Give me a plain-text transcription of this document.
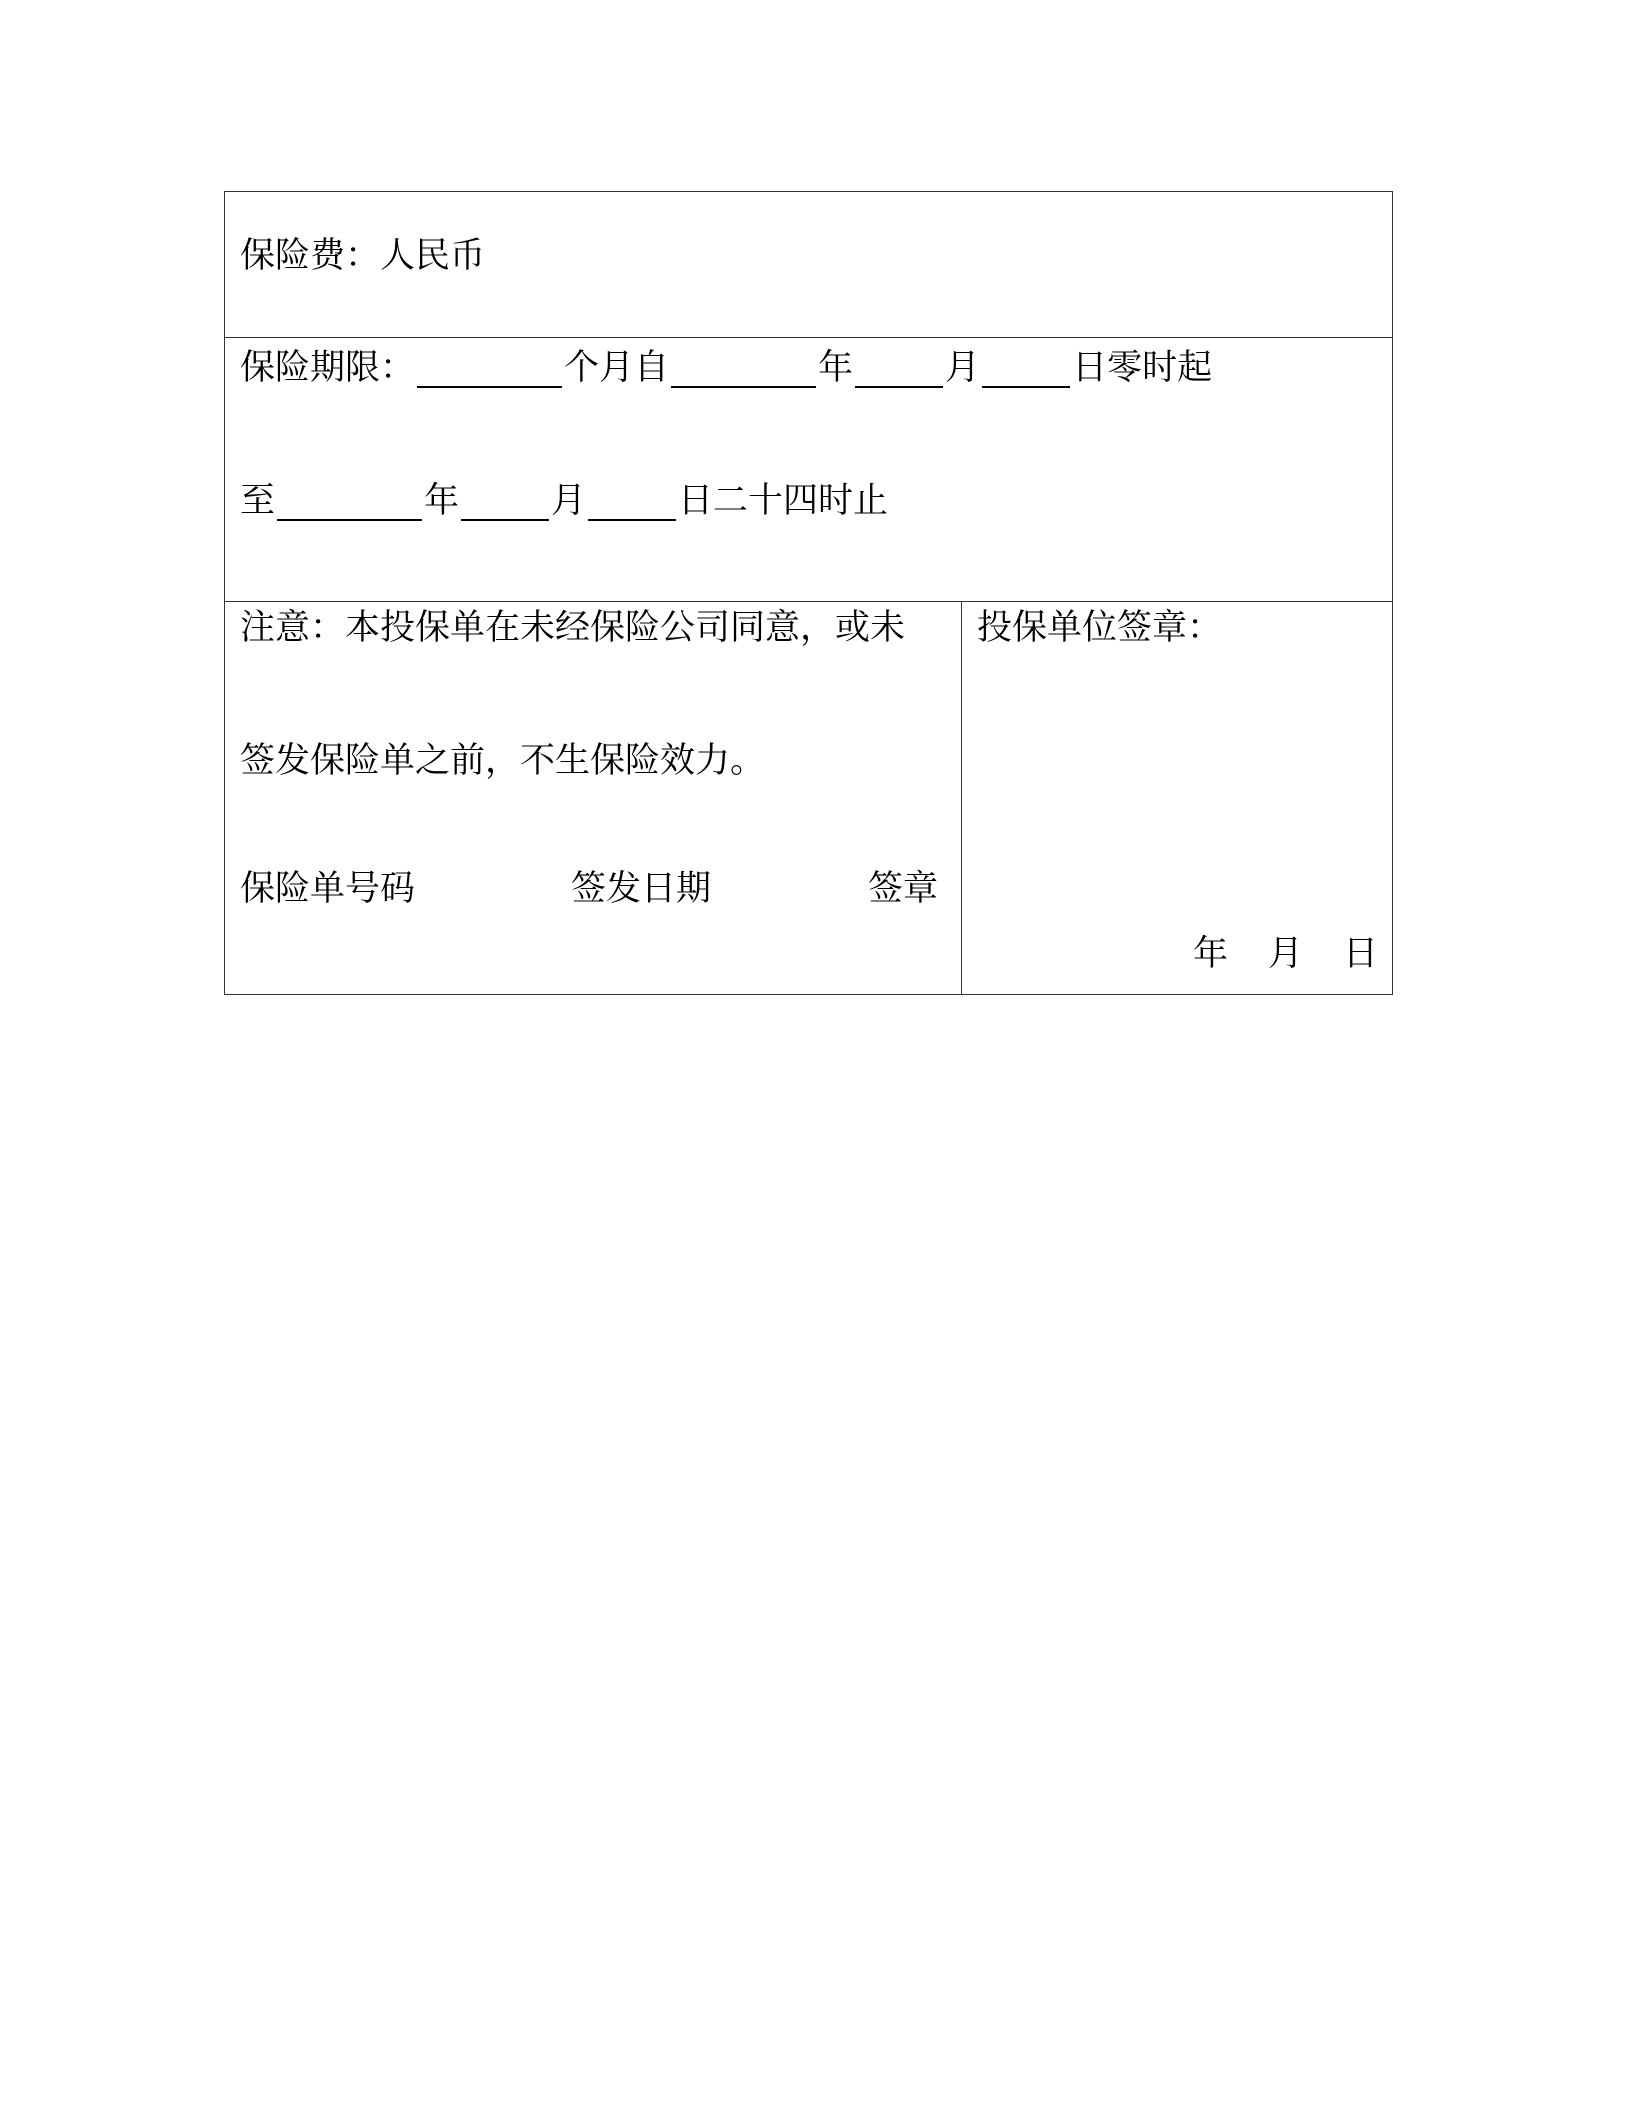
保险费：人民币
保险期限：	个月自	年	月	日零时起
至	年	月	日二十四时止
注意：本投保单在未经保险公司同意，或未
签发保险单之前，不生保险效力。
保险单号码	签发日期	签章
投保单位签章：
年 月 日
